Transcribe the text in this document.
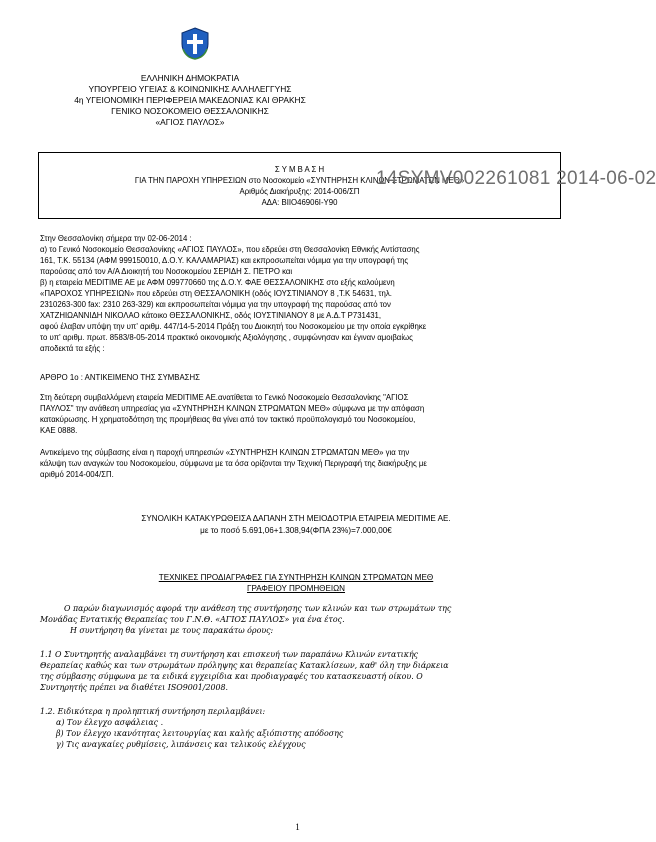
ΕΛΛΗΝΙΚΗ ΔΗΜΟΚΡΑΤΙΑ
ΥΠΟΥΡΓΕΙΟ ΥΓΕΙΑΣ & ΚΟΙΝΩΝΙΚΗΣ ΑΛΛΗΛΕΓΓΥΗΣ
4η ΥΓΕΙΟΝΟΜΙΚΗ ΠΕΡΙΦΕΡΕΙΑ ΜΑΚΕΔΟΝΙΑΣ ΚΑΙ ΘΡΑΚΗΣ
ΓΕΝΙΚΟ ΝΟΣΟΚΟΜΕΙΟ ΘΕΣΣΑΛΟΝΙΚΗΣ
«ΑΓΙΟΣ ΠΑΥΛΟΣ»
Σ Υ Μ Β Α Σ Η
ΓΙΑ ΤΗΝ ΠΑΡΟΧΗ ΥΠΗΡΕΣΙΩΝ στο Νοσοκομείο «ΣΥΝΤΗΡΗΣΗ ΚΛΙΝΩΝ ΣΤΡΩΜΑΤΩΝ ΜΕΘ»
Αριθμός Διακήρυξης: 2014-006/ΣΠ
ΑΔΑ: ΒΙΙΟ46906Ι-Υ90
14SYMV002261081 2014-06-02
Στην Θεσσαλονίκη σήμερα την 02-06-2014 :
α) το Γενικό Νοσοκομείο Θεσσαλονίκης «ΑΓΙΟΣ ΠΑΥΛΟΣ», που εδρεύει στη Θεσσαλονίκη Εθνικής Αντίστασης
161, Τ.Κ. 55134 (ΑΦΜ 999150010, Δ.Ο.Υ. ΚΑΛΑΜΑΡΙΑΣ) και εκπροσωπείται νόμιμα για την υπογραφή της
παρούσας από τον Α/Α Διοικητή του Νοσοκομείου ΣΕΡΙΔΗ Σ. ΠΕΤΡΟ και
β) η εταιρεία MEDITIME AE με ΑΦΜ 099770660 της Δ.Ο.Υ. ΦΑΕ ΘΕΣΣΑΛΟΝΙΚΗΣ στο εξής καλούμενη
«ΠΑΡΟΧΟΣ ΥΠΗΡΕΣΙΩΝ» που εδρεύει στη ΘΕΣΣΑΛΟΝΙΚΗ (οδός ΙΟΥΣΤΙΝΙΑΝΟΥ 8 ,Τ.Κ 54631, τηλ.
2310263-300 fax: 2310 263-329) και εκπροσωπείται νόμιμα για την υπογραφή της παρούσας από τον
ΧΑΤΖΗΙΩΑΝΝΙΔΗ ΝΙΚΟΛΑΟ κάτοικο ΘΕΣΣΑΛΟΝΙΚΗΣ, οδός ΙΟΥΣΤΙΝΙΑΝΟΥ 8 με Α.Δ.Τ Ρ731431,
αφού έλαβαν υπόψη την υπ' αριθμ. 447/14-5-2014 Πράξη του Διοικητή του Νοσοκομείου με την οποία εγκρίθηκε
το υπ' αριθμ. πρωτ. 8583/8-05-2014 πρακτικό οικονομικής Αξιολόγησης , συμφώνησαν και έγιναν αμοιβαίως
αποδεκτά τα εξής :
ΑΡΘΡΟ 1ο : ΑΝΤΙΚΕΙΜΕΝΟ ΤΗΣ ΣΥΜΒΑΣΗΣ
Στη δεύτερη συμβαλλόμενη εταιρεία MEDITIME AE.ανατίθεται το Γενικό Νοσοκομείο Θεσσαλονίκης "ΑΓΙΟΣ
ΠΑΥΛΟΣ" την ανάθεση υπηρεσίας για «ΣΥΝΤΗΡΗΣΗ ΚΛΙΝΩΝ ΣΤΡΩΜΑΤΩΝ ΜΕΘ» σύμφωνα με την απόφαση
κατακύρωσης. Η χρηματοδότηση της προμήθειας θα γίνει από τον τακτικό προϋπολογισμό του Νοσοκομείου,
ΚΑΕ 0888.
Αντικείμενο της σύμβασης είναι η παροχή υπηρεσιών «ΣΥΝΤΗΡΗΣΗ ΚΛΙΝΩΝ ΣΤΡΩΜΑΤΩΝ ΜΕΘ» για την
κάλυψη των αναγκών του Νοσοκομείου, σύμφωνα με τα όσα ορίζονται την Τεχνική Περιγραφή της διακήρυξης με
αριθμό 2014-004/ΣΠ.
ΣΥΝΟΛΙΚΗ ΚΑΤΑΚΥΡΩΘΕΙΣΑ ΔΑΠΑΝΗ ΣΤΗ ΜΕΙΟΔΟΤΡΙΑ ΕΤΑΙΡΕΙΑ MEDITIME AE.
με το ποσό 5.691,06+1.308,94(ΦΠΑ 23%)=7.000,00€
ΤΕΧΝΙΚΕΣ ΠΡΟΔΙΑΓΡΑΦΕΣ ΓΙΑ ΣΥΝΤΗΡΗΣΗ ΚΛΙΝΩΝ ΣΤΡΩΜΑΤΩΝ ΜΕΘ
ΓΡΑΦΕΙΟΥ ΠΡΟΜΗΘΕΙΩΝ
Ο παρών διαγωνισμός αφορά την ανάθεση της συντήρησης των κλινών και των στρωμάτων της
Μονάδας Εντατικής Θεραπείας του Γ.Ν.Θ. «ΑΓΙΟΣ ΠΑΥΛΟΣ» για ένα έτος.
Η συντήρηση θα γίνεται με τους παρακάτω όρους:
1.1 Ο Συντηρητής αναλαμβάνει τη συντήρηση και επισκευή των παραπάνω Κλινών εντατικής
Θεραπείας καθώς και των στρωμάτων πρόληψης και θεραπείας Κατακλίσεων, καθ' όλη την διάρκεια
της σύμβασης σύμφωνα με τα ειδικά εγχειρίδια και προδιαγραφές του κατασκευαστή οίκου. Ο
Συντηρητής πρέπει να διαθέτει ISO9001/2008.
1.2. Ειδικότερα η προληπτική συντήρηση περιλαμβάνει:
α) Τον έλεγχο ασφάλειας .
β) Τον έλεγχο ικανότητας λειτουργίας και καλής αξιόπιστης απόδοσης
γ) Τις αναγκαίες ρυθμίσεις, λιπάνσεις και τελικούς ελέγχους
1
